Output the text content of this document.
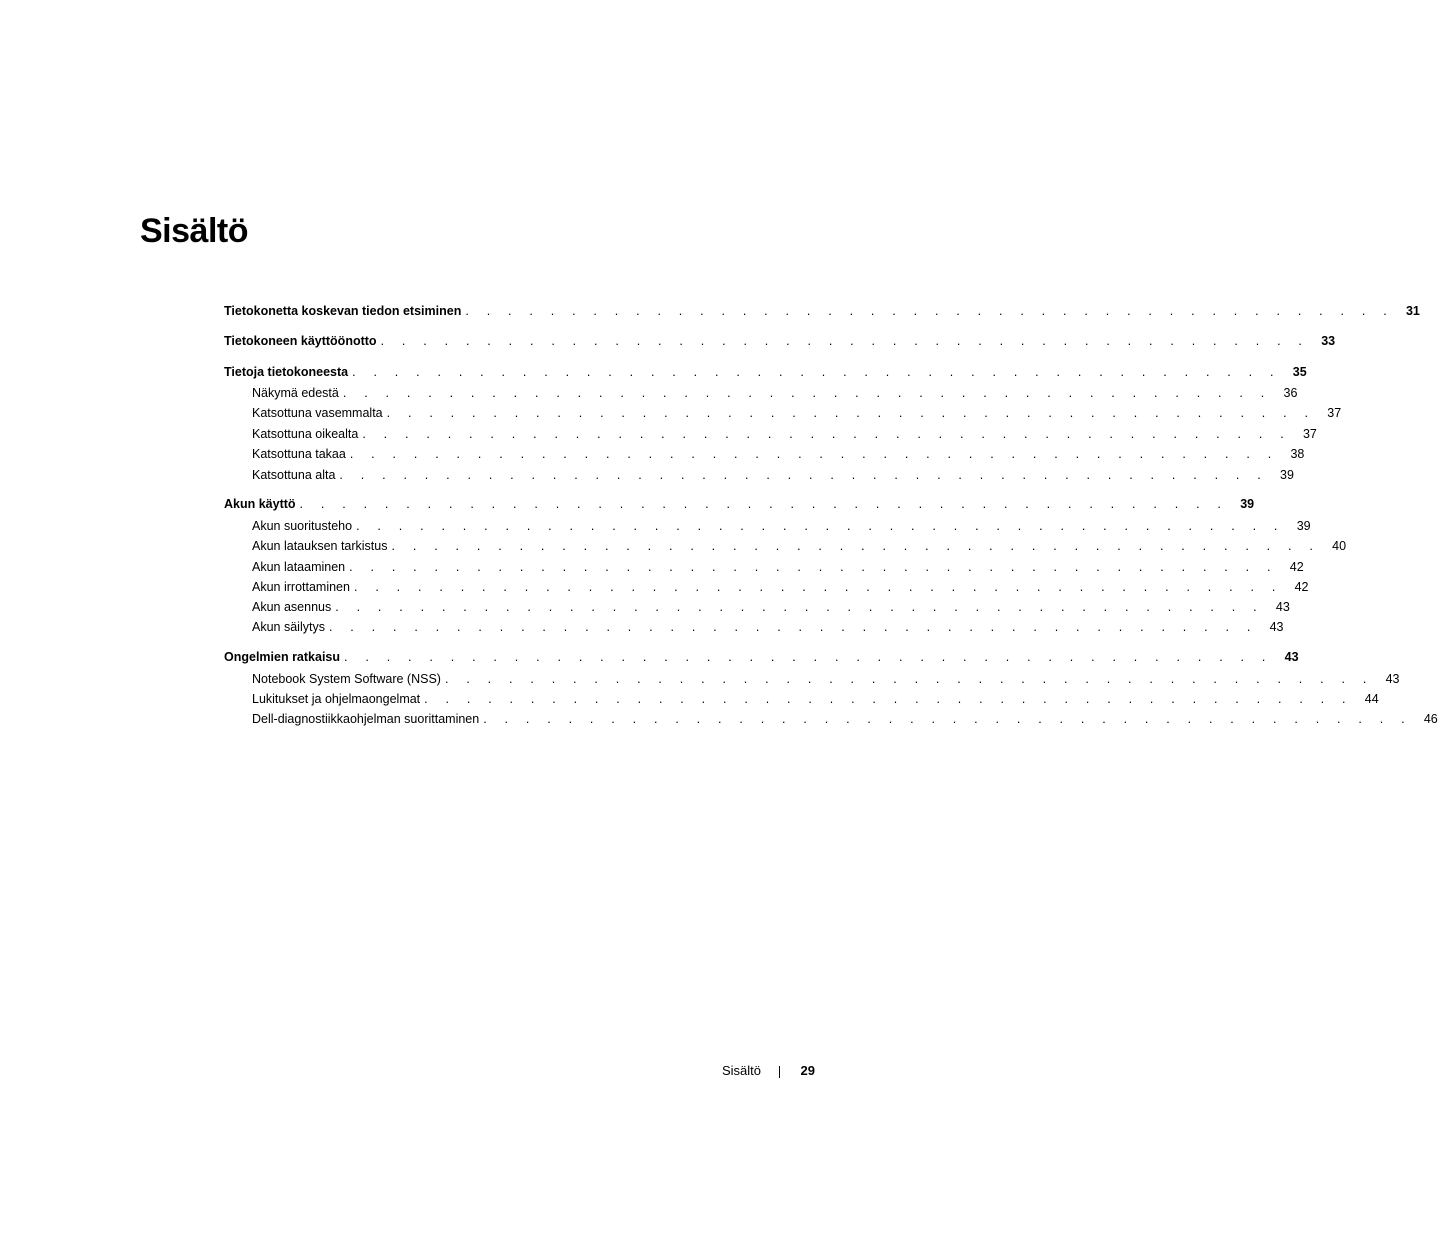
Sisältö
Tietokonetta koskevan tiedon etsiminen . . . . . . . . . . . . . . . . . . . . . . . . . . . . . . . . . . . . . . . . . . . . 31
Tietokoneen käyttöönotto . . . . . . . . . . . . . . . . . . . . . . . . . . . . . . . . . . . . . . . . . . . . 33
Tietoja tietokoneesta . . . . . . . . . . . . . . . . . . . . . . . . . . . . . . . . . . . . . . . . . . . . 35
Näkymä edestä . . . . . . . . . . . . . . . . . . . . . . . . . . . . . . . . . . . . . . . . . . . . 36
Katsottuna vasemmalta . . . . . . . . . . . . . . . . . . . . . . . . . . . . . . . . . . . . . . . . . . . . 37
Katsottuna oikealta . . . . . . . . . . . . . . . . . . . . . . . . . . . . . . . . . . . . . . . . . . . . 37
Katsottuna takaa . . . . . . . . . . . . . . . . . . . . . . . . . . . . . . . . . . . . . . . . . . . . 38
Katsottuna alta . . . . . . . . . . . . . . . . . . . . . . . . . . . . . . . . . . . . . . . . . . . . 39
Akun käyttö . . . . . . . . . . . . . . . . . . . . . . . . . . . . . . . . . . . . . . . . . . . . 39
Akun suoritusteho . . . . . . . . . . . . . . . . . . . . . . . . . . . . . . . . . . . . . . . . . . . . 39
Akun latauksen tarkistus . . . . . . . . . . . . . . . . . . . . . . . . . . . . . . . . . . . . . . . . . . . . 40
Akun lataaminen . . . . . . . . . . . . . . . . . . . . . . . . . . . . . . . . . . . . . . . . . . . . 42
Akun irrottaminen . . . . . . . . . . . . . . . . . . . . . . . . . . . . . . . . . . . . . . . . . . . . 42
Akun asennus . . . . . . . . . . . . . . . . . . . . . . . . . . . . . . . . . . . . . . . . . . . . 43
Akun säilytys . . . . . . . . . . . . . . . . . . . . . . . . . . . . . . . . . . . . . . . . . . . . 43
Ongelmien ratkaisu . . . . . . . . . . . . . . . . . . . . . . . . . . . . . . . . . . . . . . . . . . . . 43
Notebook System Software (NSS) . . . . . . . . . . . . . . . . . . . . . . . . . . . . . . . . . . . . . . . . . . . . 43
Lukitukset ja ohjelmaongelmat . . . . . . . . . . . . . . . . . . . . . . . . . . . . . . . . . . . . . . . . . . . . 44
Dell-diagnostiikkaohjelman suorittaminen . . . . . . . . . . . . . . . . . . . . . . . . . . . . . . . . . . . . . . . . . . . . 46
Sisältö	29
